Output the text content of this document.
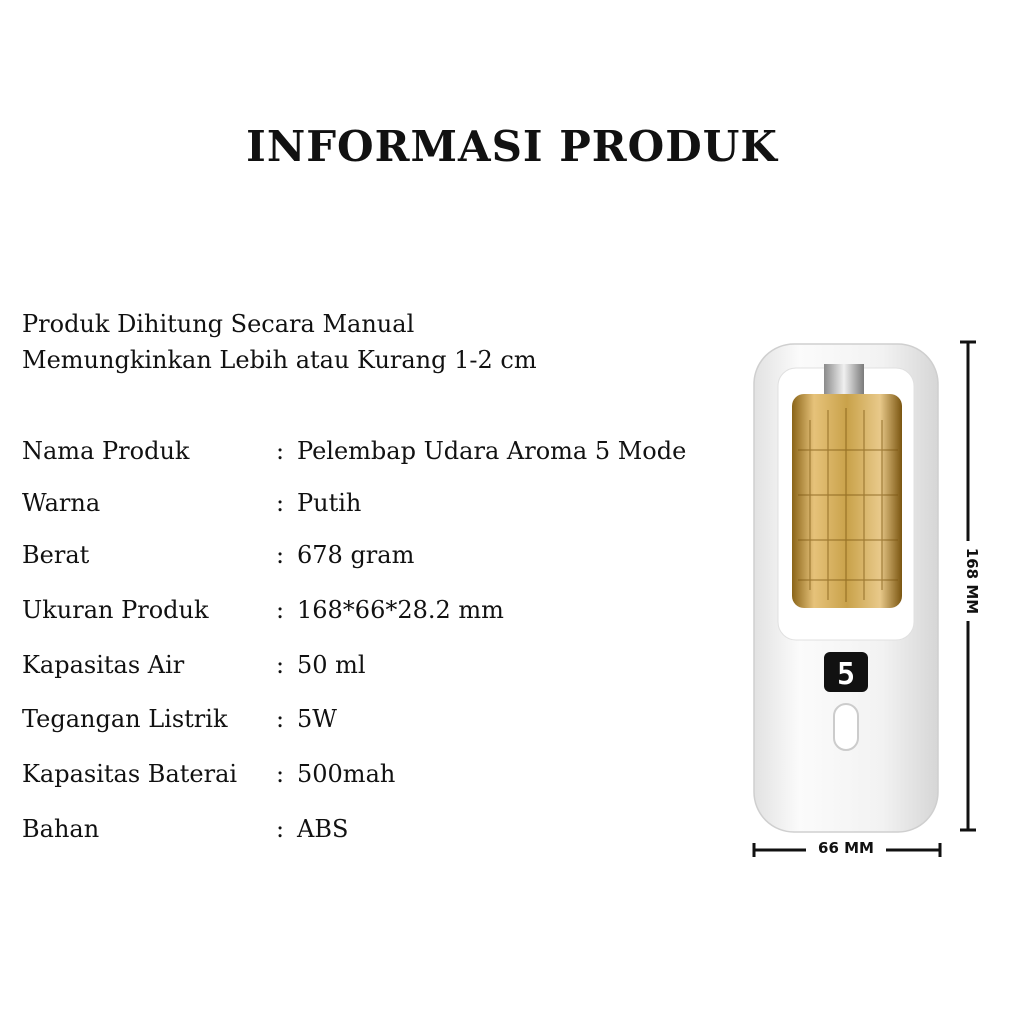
INFORMASI PRODUK
Produk Dihitung Secara Manual
Memungkinkan Lebih atau Kurang 1-2 cm
Nama Produk	: Pelembap Udara Aroma 5 Mode
Warna	: Putih
Berat	: 678 gram
Ukuran Produk	: 168*66*28.2 mm
Kapasitas Air	: 50 ml
Tegangan Listrik : 5W
Kapasitas Baterai : 500mah
Bahan	: ABS
5
168 MM
66 MM
